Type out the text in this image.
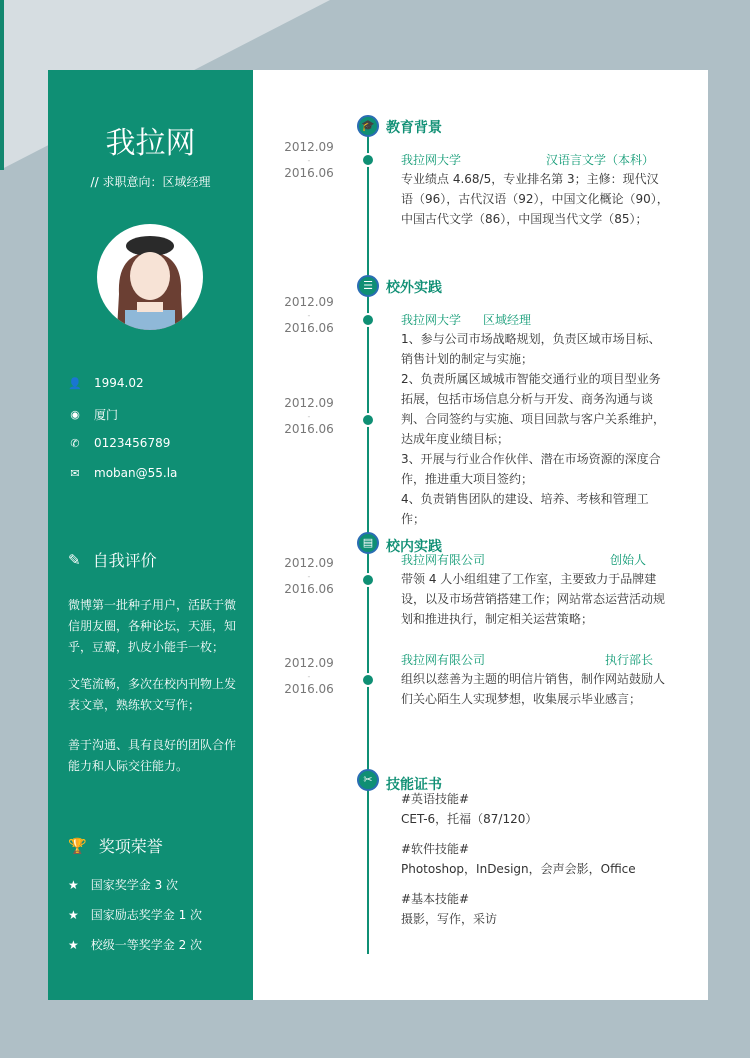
我拉网
// 求职意向：区域经理
👤 1994.02
◉ 厦门
✆ 0123456789
✉ moban@55.la
✎ 自我评价
微博第一批种子用户，活跃于微信朋友圈，各种论坛，天涯，知乎，豆瓣，扒皮小能手一枚；
文笔流畅，多次在校内刊物上发表文章，熟练软文写作；
善于沟通、具有良好的团队合作能力和人际交往能力。
🏆 奖项荣誉
★ 国家奖学金 3 次
★ 国家励志奖学金 1 次
★ 校级一等奖学金 2 次
🎓 教育背景
2012.09
-
2016.06
我拉网大学	汉语言文学（本科）
专业绩点 4.68/5，专业排名第 3；主修：现代汉语（96），古代汉语（92），中国文化概论（90），中国古代文学（86），中国现当代文学（85）；
☰ 校外实践
2012.09
-
2016.06
2012.09
-
2016.06
我拉网大学 区域经理
1、参与公司市场战略规划，负责区域市场目标、销售计划的制定与实施；
2、负责所属区域城市智能交通行业的项目型业务拓展，包括市场信息分析与开发、商务沟通与谈判、合同签约与实施、项目回款与客户关系维护，达成年度业绩目标；
3、开展与行业合作伙伴、潜在市场资源的深度合作，推进重大项目签约；
4、负责销售团队的建设、培养、考核和管理工作；
▤ 校内实践
2012.09
-
2016.06
我拉网有限公司	创始人
带领 4 人小组组建了工作室，主要致力于品牌建设，以及市场营销搭建工作；网站常态运营活动规划和推进执行，制定相关运营策略；
2012.09
-
2016.06
我拉网有限公司	执行部长
组织以慈善为主题的明信片销售，制作网站鼓励人们关心陌生人实现梦想，收集展示毕业感言；
✂ 技能证书
#英语技能#
CET-6，托福（87/120）
#软件技能#
Photoshop，InDesign，会声会影，Office
#基本技能#
摄影，写作，采访
